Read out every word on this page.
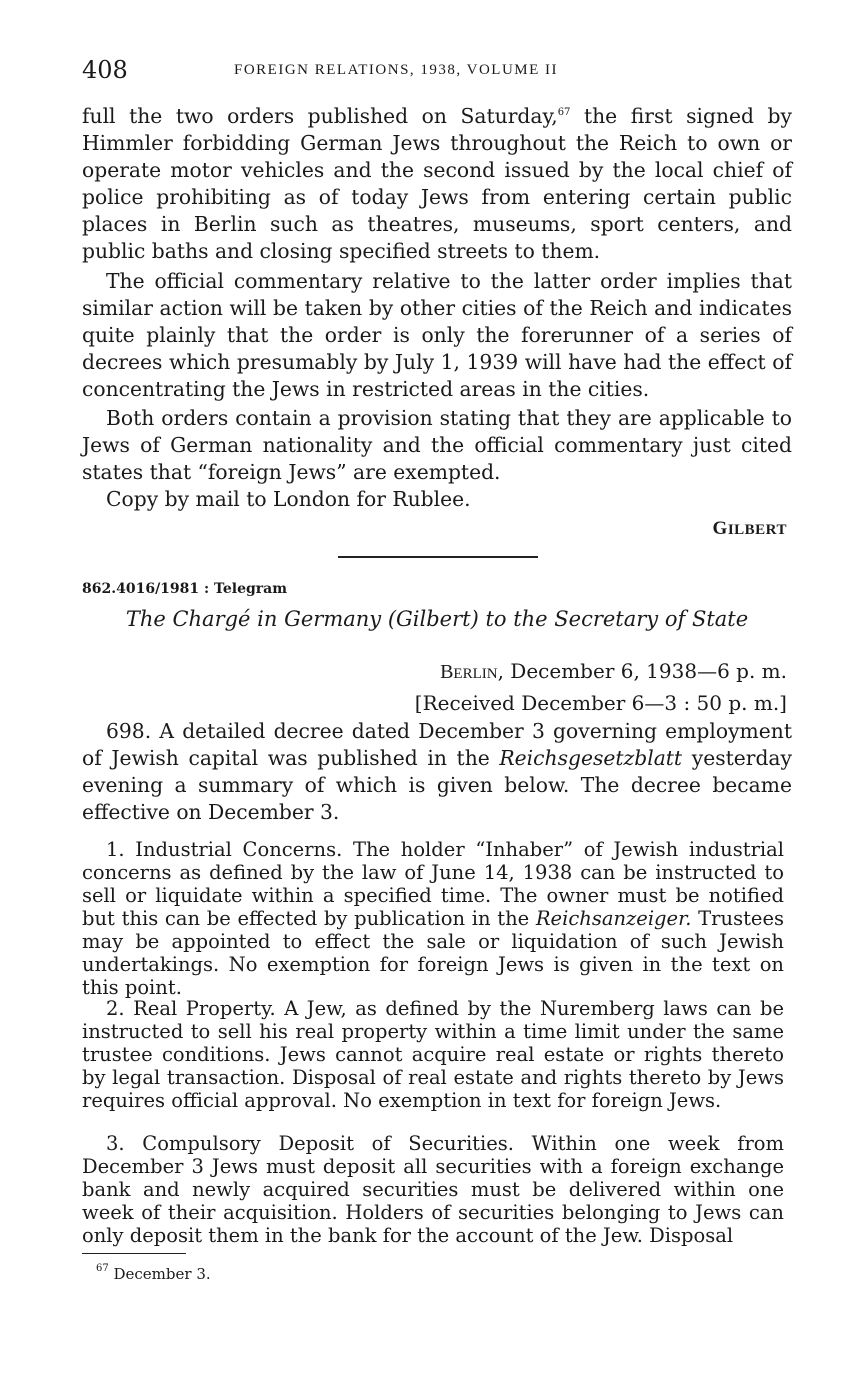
408	FOREIGN RELATIONS, 1938, VOLUME II

full the two orders published on Saturday,$^{67}$ the first signed by Himmler forbidding German Jews throughout the Reich to own or operate motor vehicles and the second issued by the local chief of police prohibiting as of today Jews from entering certain public places in Berlin such as theatres, museums, sport centers, and public baths and closing specified streets to them.

The official commentary relative to the latter order implies that similar action will be taken by other cities of the Reich and indicates quite plainly that the order is only the forerunner of a series of decrees which presumably by July 1, 1939 will have had the effect of concentrating the Jews in restricted areas in the cities.

Both orders contain a provision stating that they are applicable to Jews of German nationality and the official commentary just cited states that “foreign Jews” are exempted.

Copy by mail to London for Rublee.

GILBERT
862.4016/1981 : Telegram
The Chargé in Germany (Gilbert) to the Secretary of State
BERLIN, December 6, 1938—6 p. m.
[Received December 6—3 : 50 p. m.]

698. A detailed decree dated December 3 governing employment of Jewish capital was published in the Reichsgesetzblatt yesterday evening a summary of which is given below. The decree became effective on December 3.

1. Industrial Concerns. The holder “Inhaber” of Jewish industrial concerns as defined by the law of June 14, 1938 can be instructed to sell or liquidate within a specified time. The owner must be notified but this can be effected by publication in the Reichsanzeiger. Trustees may be appointed to effect the sale or liquidation of such Jewish undertakings. No exemption for foreign Jews is given in the text on this point.

2. Real Property. A Jew, as defined by the Nuremberg laws can be instructed to sell his real property within a time limit under the same trustee conditions. Jews cannot acquire real estate or rights thereto by legal transaction. Disposal of real estate and rights thereto by Jews requires official approval. No exemption in text for foreign Jews.

3. Compulsory Deposit of Securities. Within one week from December 3 Jews must deposit all securities with a foreign exchange bank and newly acquired securities must be delivered within one week of their acquisition. Holders of securities belonging to Jews can only deposit them in the bank for the account of the Jew. Disposal

$^{67}$ December 3.
